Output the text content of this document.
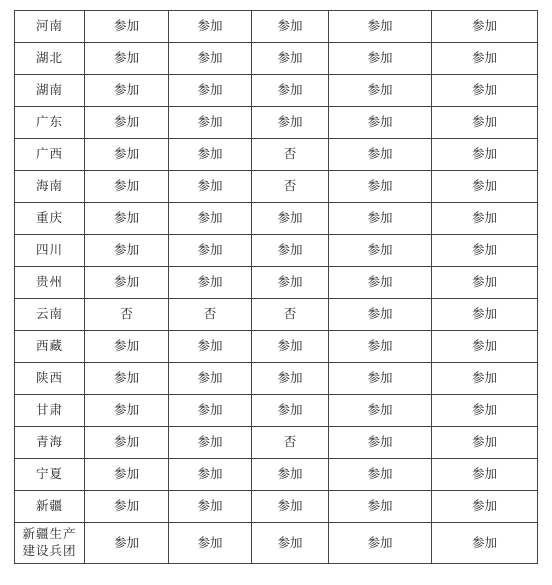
河南	参加	参加	参加	参加	参加
湖北	参加	参加	参加	参加	参加
湖南	参加	参加	参加	参加	参加
广东	参加	参加	参加	参加	参加
广西	参加	参加	否	参加	参加
海南	参加	参加	否	参加	参加
重庆	参加	参加	参加	参加	参加
四川	参加	参加	参加	参加	参加
贵州	参加	参加	参加	参加	参加
云南	否	否	否	参加	参加
西藏	参加	参加	参加	参加	参加
陕西	参加	参加	参加	参加	参加
甘肃	参加	参加	参加	参加	参加
青海	参加	参加	否	参加	参加
宁夏	参加	参加	参加	参加	参加
新疆	参加	参加	参加	参加	参加

新疆生产
建设兵团	参加	参加	参加	参加	参加
